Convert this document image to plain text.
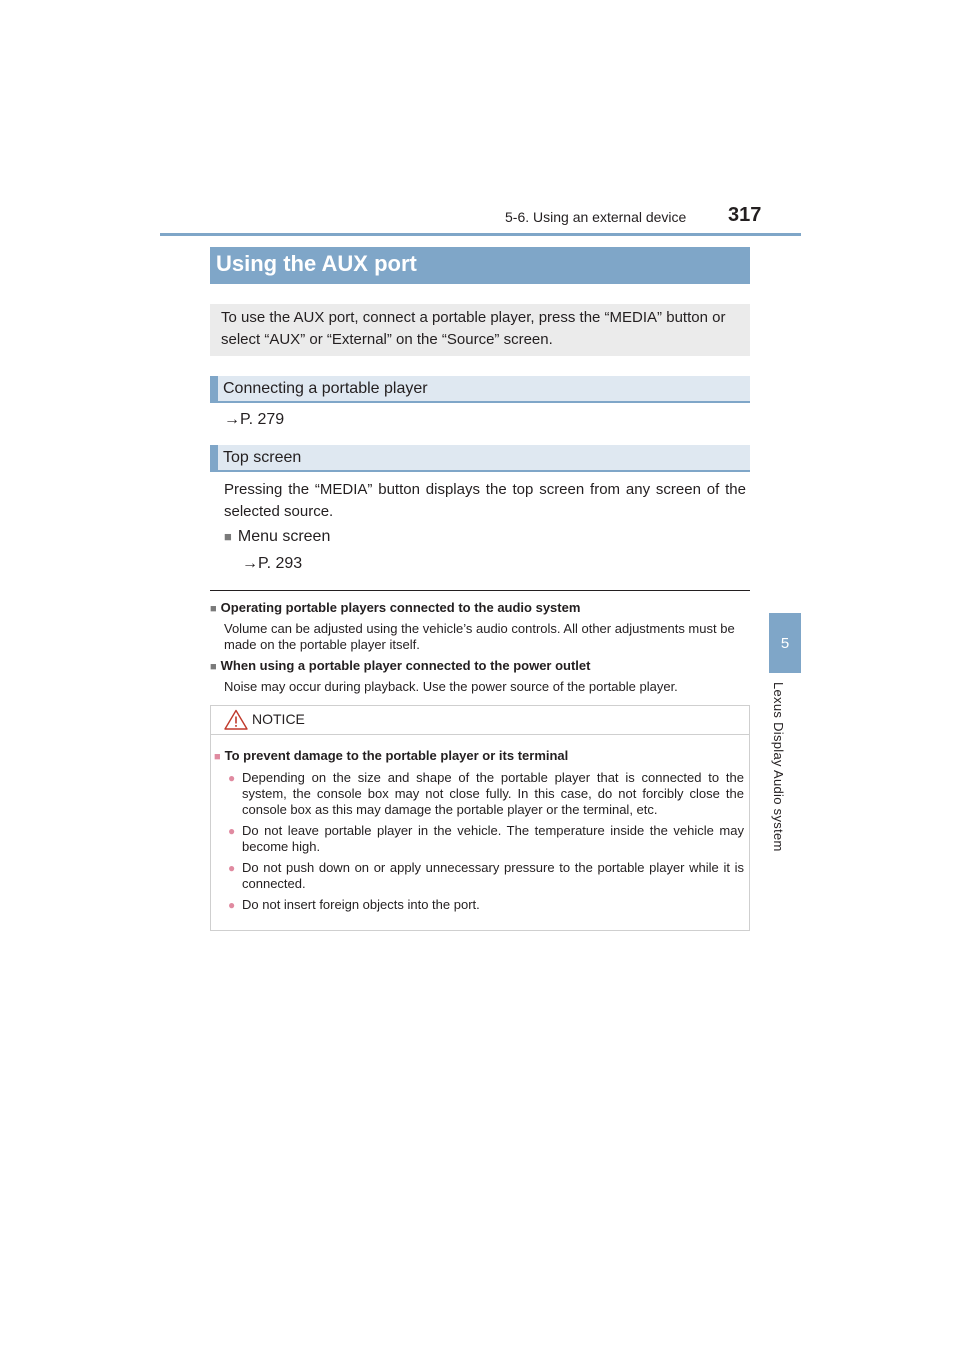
5-6. Using an external device 317
5
Lexus Display Audio system
Using the AUX port
To use the AUX port, connect a portable player, press the “MEDIA” button or select “AUX” or “External” on the “Source” screen.
Connecting a portable player
→P. 279
Top screen
Pressing the “MEDIA” button displays the top screen from any screen of the selected source.
■ Menu screen
→P. 293
■ Operating portable players connected to the audio system
Volume can be adjusted using the vehicle’s audio controls. All other adjustments must be made on the portable player itself.
■ When using a portable player connected to the power outlet
Noise may occur during playback. Use the power source of the portable player.
NOTICE
■ To prevent damage to the portable player or its terminal
● Depending on the size and shape of the portable player that is connected to the system, the console box may not close fully. In this case, do not forcibly close the console box as this may damage the portable player or the terminal, etc.
● Do not leave portable player in the vehicle. The temperature inside the vehicle may become high.
● Do not push down on or apply unnecessary pressure to the portable player while it is connected.
● Do not insert foreign objects into the port.
